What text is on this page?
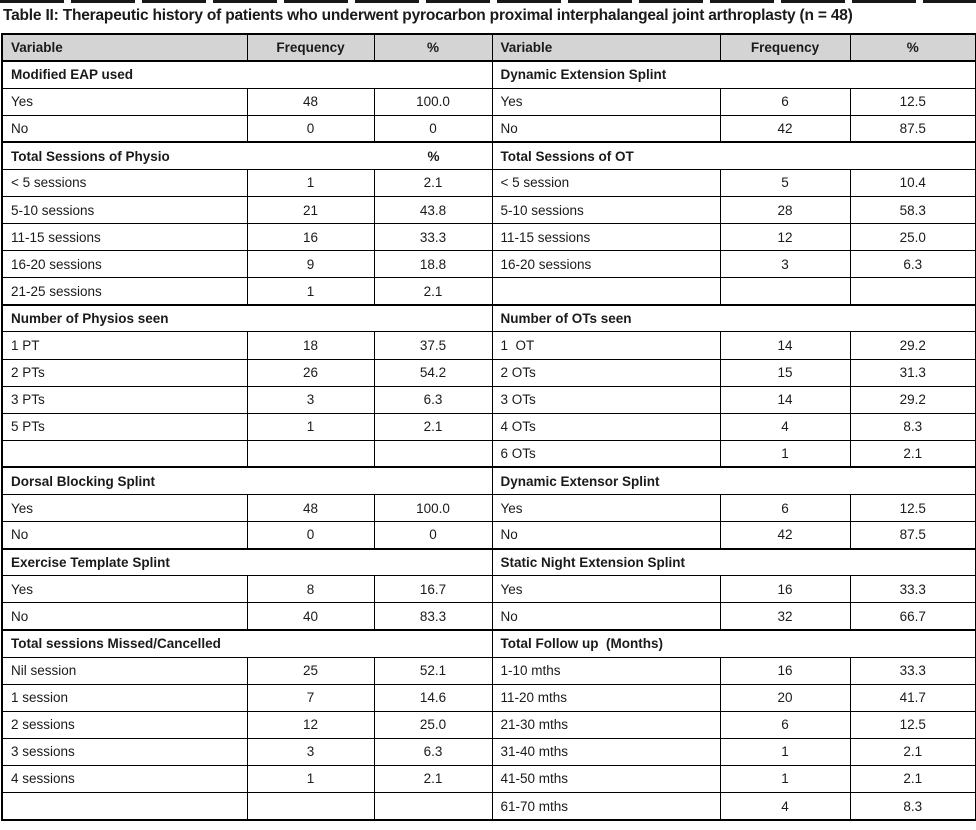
Table II: Therapeutic history of patients who underwent pyrocarbon proximal interphalangeal joint arthroplasty (n = 48)
Variable	Frequency	%	Variable	Frequency	%
Modified EAP used			Dynamic Extension Splint		
Yes	48	100.0	Yes	6	12.5
No	0	0	No	42	87.5
Total Sessions of Physio %			Total Sessions of OT		
< 5 sessions	1	2.1	< 5 session	5	10.4
5-10 sessions	21	43.8	5-10 sessions	28	58.3
11-15 sessions	16	33.3	11-15 sessions	12	25.0
16-20 sessions	9	18.8	16-20 sessions	3	6.3
21-25 sessions	1	2.1			
Number of Physios seen			Number of OTs seen		
1 PT	18	37.5	1  OT	14	29.2
2 PTs	26	54.2	2 OTs	15	31.3
3 PTs	3	6.3	3 OTs	14	29.2
5 PTs	1	2.1	4 OTs	4	8.3
			6 OTs	1	2.1
Dorsal Blocking Splint			Dynamic Extensor Splint		
Yes	48	100.0	Yes	6	12.5
No	0	0	No	42	87.5
Exercise Template Splint			Static Night Extension Splint		
Yes	8	16.7	Yes	16	33.3
No	40	83.3	No	32	66.7
Total sessions Missed/Cancelled			Total Follow up  (Months)		
Nil session	25	52.1	1-10 mths	16	33.3
1 session	7	14.6	11-20 mths	20	41.7
2 sessions	12	25.0	21-30 mths	6	12.5
3 sessions	3	6.3	31-40 mths	1	2.1
4 sessions	1	2.1	41-50 mths	1	2.1
			61-70 mths	4	8.3
